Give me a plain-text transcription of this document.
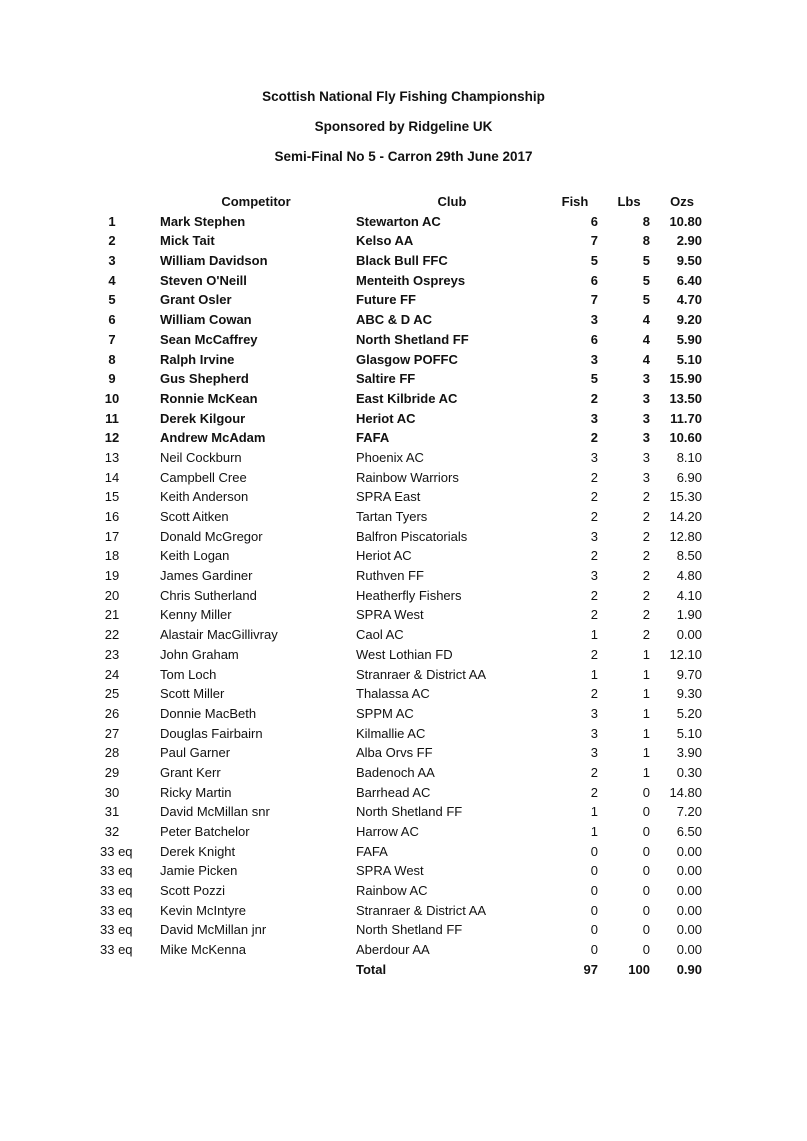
Scottish National Fly Fishing Championship
Sponsored by Ridgeline UK
Semi-Final No 5 - Carron 29th June 2017
Competitor	Club	Fish Lbs	Ozs
1	Mark Stephen	Stewarton AC	6	8	10.80
2	Mick Tait	Kelso AA	7	8	2.90
3	William Davidson	Black Bull FFC	5	5	9.50
4	Steven O'Neill	Menteith Ospreys	6	5	6.40
5	Grant Osler	Future FF	7	5	4.70
6	William Cowan	ABC & D AC	3	4	9.20
7	Sean McCaffrey	North Shetland FF	6	4	5.90
8	Ralph Irvine	Glasgow POFFC	3	4	5.10
9	Gus Shepherd	Saltire FF	5	3	15.90
10	Ronnie McKean	East Kilbride AC	2	3	13.50
11	Derek Kilgour	Heriot AC	3	3	11.70
12	Andrew McAdam	FAFA	2	3	10.60
13	Neil Cockburn	Phoenix AC	3	3	8.10
14	Campbell Cree	Rainbow Warriors	2	3	6.90
15	Keith Anderson	SPRA East	2	2	15.30
16	Scott Aitken	Tartan Tyers	2	2	14.20
17	Donald McGregor	Balfron Piscatorials	3	2	12.80
18	Keith Logan	Heriot AC	2	2	8.50
19	James Gardiner	Ruthven FF	3	2	4.80
20	Chris Sutherland	Heatherfly Fishers	2	2	4.10
21	Kenny Miller	SPRA West	2	2	1.90
22	Alastair MacGillivray	Caol AC	1	2	0.00
23	John Graham	West Lothian FD	2	1	12.10
24	Tom Loch	Stranraer & District AA	1	1	9.70
25	Scott Miller	Thalassa AC	2	1	9.30
26	Donnie MacBeth	SPPM AC	3	1	5.20
27	Douglas Fairbairn	Kilmallie AC	3	1	5.10
28	Paul Garner	Alba Orvs FF	3	1	3.90
29	Grant Kerr	Badenoch AA	2	1	0.30
30	Ricky Martin	Barrhead AC	2	0	14.80
31	David McMillan snr	North Shetland FF	1	0	7.20
32	Peter Batchelor	Harrow AC	1	0	6.50
33 eq Derek Knight	FAFA	0	0	0.00
33 eq Jamie Picken	SPRA West	0	0	0.00
33 eq Scott Pozzi	Rainbow AC	0	0	0.00
33 eq Kevin McIntyre	Stranraer & District AA	0	0	0.00
33 eq David McMillan jnr	North Shetland FF	0	0	0.00
33 eq Mike McKenna	Aberdour AA	0	0	0.00
Total	97 100	0.90
